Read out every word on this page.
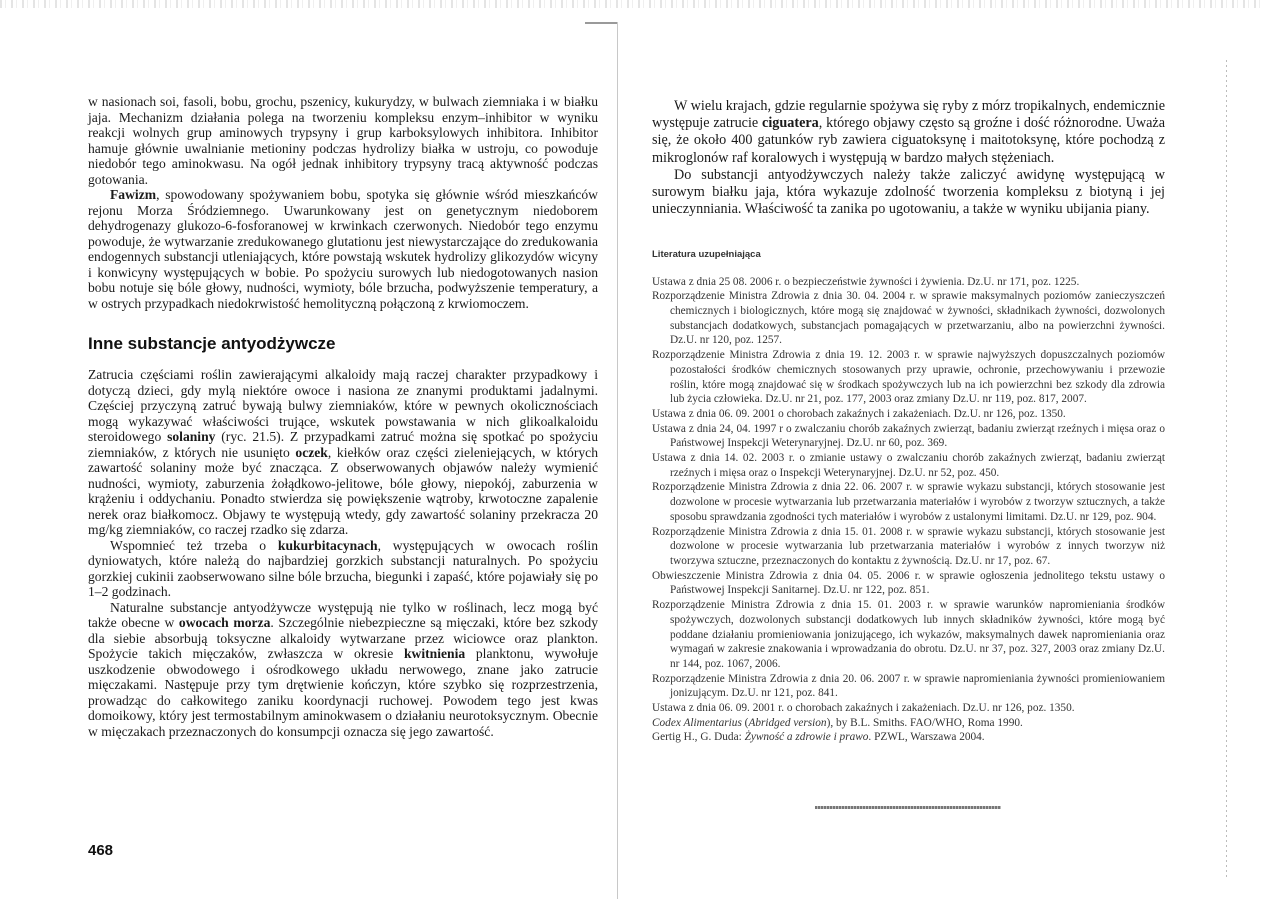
w nasionach soi, fasoli, bobu, grochu, pszenicy, kukurydzy, w bulwach ziemniaka i w białku jaja. Mechanizm działania polega na tworzeniu kompleksu enzym–inhibitor w wyniku reakcji wolnych grup aminowych trypsyny i grup karboksylowych inhibitora. Inhibitor hamuje głównie uwalnianie metioniny podczas hydrolizy białka w ustroju, co powoduje niedobór tego aminokwasu. Na ogół jednak inhibitory trypsyny tracą aktywność podczas gotowania.

Fawizm, spowodowany spożywaniem bobu, spotyka się głównie wśród mieszkańców rejonu Morza Śródziemnego. Uwarunkowany jest on genetycznym niedoborem dehydrogenazy glukozo-6-fosforanowej w krwinkach czerwonych. Niedobór tego enzymu powoduje, że wytwarzanie zredukowanego glutationu jest niewystarczające do zredukowania endogennych substancji utleniających, które powstają wskutek hydrolizy glikozydów wicyny i konwicyny występujących w bobie. Po spożyciu surowych lub niedogotowanych nasion bobu notuje się bóle głowy, nudności, wymioty, bóle brzucha, podwyższenie temperatury, a w ostrych przypadkach niedokrwistość hemolityczną połączoną z krwiomoczem.

Inne substancje antyodżywcze

Zatrucia częściami roślin zawierającymi alkaloidy mają raczej charakter przypadkowy i dotyczą dzieci, gdy mylą niektóre owoce i nasiona ze znanymi produktami jadalnymi. Częściej przyczyną zatruć bywają bulwy ziemniaków, które w pewnych okolicznościach mogą wykazywać właściwości trujące, wskutek powstawania w nich glikoalkaloidu steroidowego solaniny (ryc. 21.5). Z przypadkami zatruć można się spotkać po spożyciu ziemniaków, z których nie usunięto oczek, kiełków oraz części zieleniejących, w których zawartość solaniny może być znacząca. Z obserwowanych objawów należy wymienić nudności, wymioty, zaburzenia żołądkowo-jelitowe, bóle głowy, niepokój, zaburzenia w krążeniu i oddychaniu. Ponadto stwierdza się powiększenie wątroby, krwotoczne zapalenie nerek oraz białkomocz. Objawy te występują wtedy, gdy zawartość solaniny przekracza 20 mg/kg ziemniaków, co raczej rzadko się zdarza.

Wspomnieć też trzeba o kukurbitacynach, występujących w owocach roślin dyniowatych, które należą do najbardziej gorzkich substancji naturalnych. Po spożyciu gorzkiej cukinii zaobserwowano silne bóle brzucha, biegunki i zapaść, które pojawiały się po 1–2 godzinach.

Naturalne substancje antyodżywcze występują nie tylko w roślinach, lecz mogą być także obecne w owocach morza. Szczególnie niebezpieczne są mięczaki, które bez szkody dla siebie absorbują toksyczne alkaloidy wytwarzane przez wiciowce oraz plankton. Spożycie takich mięczaków, zwłaszcza w okresie kwitnienia planktonu, wywołuje uszkodzenie obwodowego i ośrodkowego układu nerwowego, znane jako zatrucie mięczakami. Następuje przy tym drętwienie kończyn, które szybko się rozprzestrzenia, prowadząc do całkowitego zaniku koordynacji ruchowej. Powodem tego jest kwas domoikowy, który jest termostabilnym aminokwasem o działaniu neurotoksycznym. Obecnie w mięczakach przeznaczonych do konsumpcji oznacza się jego zawartość.

468

W wielu krajach, gdzie regularnie spożywa się ryby z mórz tropikalnych, endemicznie występuje zatrucie ciguatera, którego objawy często są groźne i dość różnorodne. Uważa się, że około 400 gatunków ryb zawiera ciguatoksynę i maitotoksynę, które pochodzą z mikroglonów raf koralowych i występują w bardzo małych stężeniach.

Do substancji antyodżywczych należy także zaliczyć awidynę występującą w surowym białku jaja, która wykazuje zdolność tworzenia kompleksu z biotyną i jej unieczynniania. Właściwość ta zanika po ugotowaniu, a także w wyniku ubijania piany.

Literatura uzupełniająca
Ustawa z dnia 25 08. 2006 r. o bezpieczeństwie żywności i żywienia. Dz.U. nr 171, poz. 1225.
Rozporządzenie Ministra Zdrowia z dnia 30. 04. 2004 r. w sprawie maksymalnych poziomów zanieczyszczeń chemicznych i biologicznych, które mogą się znajdować w żywności, składnikach żywności, dozwolonych substancjach dodatkowych, substancjach pomagających w przetwarzaniu, albo na powierzchni żywności. Dz.U. nr 120, poz. 1257.
Rozporządzenie Ministra Zdrowia z dnia 19. 12. 2003 r. w sprawie najwyższych dopuszczalnych poziomów pozostałości środków chemicznych stosowanych przy uprawie, ochronie, przechowywaniu i przewozie roślin, które mogą znajdować się w środkach spożywczych lub na ich powierzchni bez szkody dla zdrowia lub życia człowieka. Dz.U. nr 21, poz. 177, 2003 oraz zmiany Dz.U. nr 119, poz. 817, 2007.
Ustawa z dnia 06. 09. 2001 o chorobach zakaźnych i zakażeniach. Dz.U. nr 126, poz. 1350.
Ustawa z dnia 24, 04. 1997 r o zwalczaniu chorób zakaźnych zwierząt, badaniu zwierząt rzeźnych i mięsa oraz o Państwowej Inspekcji Weterynaryjnej. Dz.U. nr 60, poz. 369.
Ustawa z dnia 14. 02. 2003 r. o zmianie ustawy o zwalczaniu chorób zakaźnych zwierząt, badaniu zwierząt rzeźnych i mięsa oraz o Inspekcji Weterynaryjnej. Dz.U. nr 52, poz. 450.
Rozporządzenie Ministra Zdrowia z dnia 22. 06. 2007 r. w sprawie wykazu substancji, których stosowanie jest dozwolone w procesie wytwarzania lub przetwarzania materiałów i wyrobów z tworzyw sztucznych, a także sposobu sprawdzania zgodności tych materiałów i wyrobów z ustalonymi limitami. Dz.U. nr 129, poz. 904.
Rozporządzenie Ministra Zdrowia z dnia 15. 01. 2008 r. w sprawie wykazu substancji, których stosowanie jest dozwolone w procesie wytwarzania lub przetwarzania materiałów i wyrobów z innych tworzyw niż tworzywa sztuczne, przeznaczonych do kontaktu z żywnością. Dz.U. nr 17, poz. 67.
Obwieszczenie Ministra Zdrowia z dnia 04. 05. 2006 r. w sprawie ogłoszenia jednolitego tekstu ustawy o Państwowej Inspekcji Sanitarnej. Dz.U. nr 122, poz. 851.
Rozporządzenie Ministra Zdrowia z dnia 15. 01. 2003 r. w sprawie warunków napromieniania środków spożywczych, dozwolonych substancji dodatkowych lub innych składników żywności, które mogą być poddane działaniu promieniowania jonizującego, ich wykazów, maksymalnych dawek napromieniania oraz wymagań w zakresie znakowania i wprowadzania do obrotu. Dz.U. nr 37, poz. 327, 2003 oraz zmiany Dz.U. nr 144, poz. 1067, 2006.
Rozporządzenie Ministra Zdrowia z dnia 20. 06. 2007 r. w sprawie napromieniania żywności promieniowaniem jonizującym. Dz.U. nr 121, poz. 841.
Ustawa z dnia 06. 09. 2001 r. o chorobach zakaźnych i zakażeniach. Dz.U. nr 126, poz. 1350.
Codex Alimentarius (Abridged version), by B.L. Smiths. FAO/WHO, Roma 1990.
Gertig H., G. Duda: Żywność a zdrowie i prawo. PZWL, Warszawa 2004.
